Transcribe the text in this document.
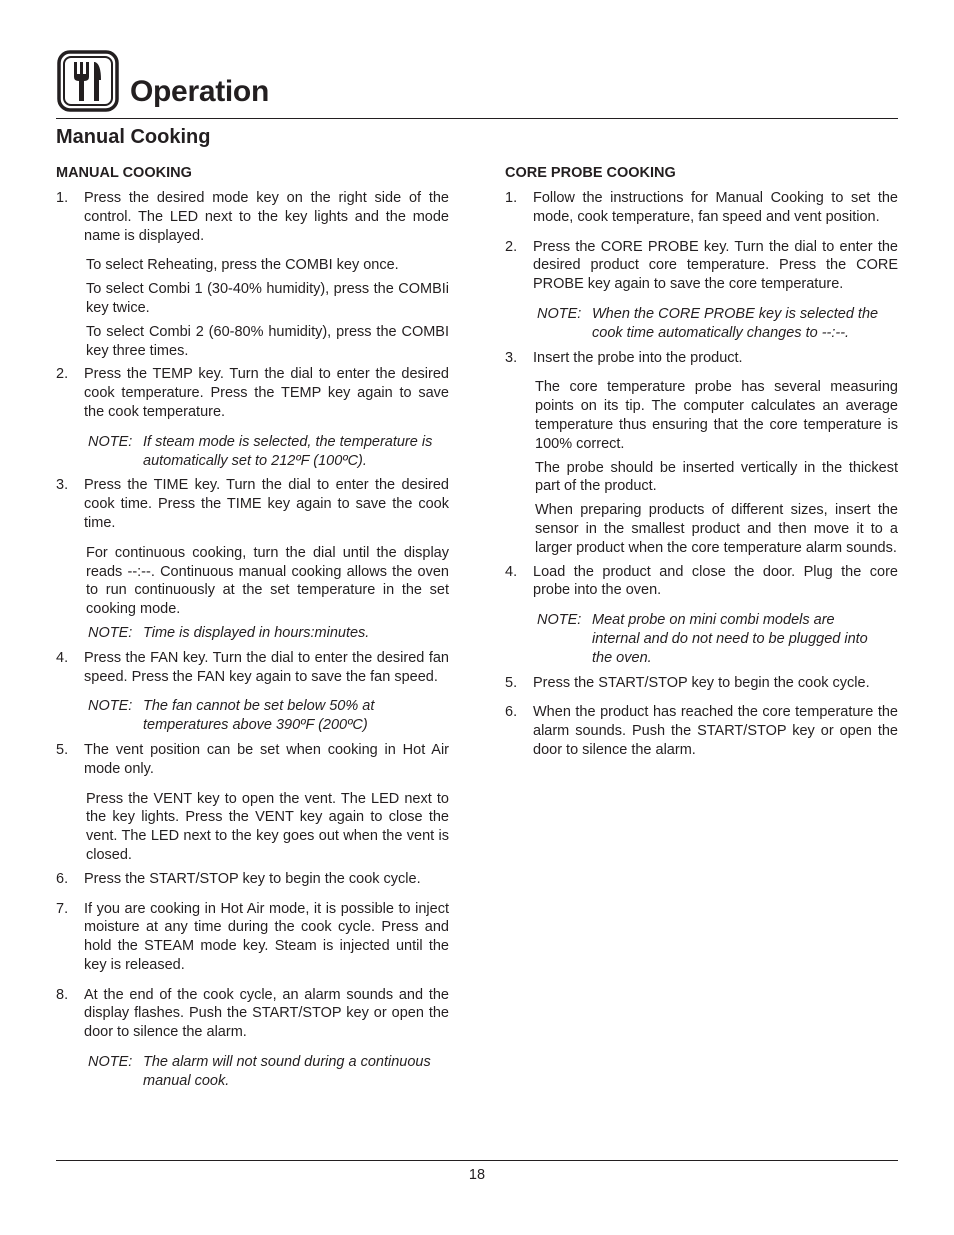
Operation
Manual Cooking
MANUAL COOKING
1. Press the desired mode key on the right side of the control. The LED next to the key lights and the mode name is displayed.
To select Reheating, press the COMBI key once.
To select Combi 1 (30-40% humidity), press the COMBIi key twice.
To select Combi 2 (60-80% humidity), press the COMBI key three times.
2. Press the TEMP key. Turn the dial to enter the desired cook temperature. Press the TEMP key again to save the cook temperature.
NOTE: If steam mode is selected, the temperature is automatically set to 212ºF (100ºC).
3. Press the TIME key. Turn the dial to enter the desired cook time. Press the TIME key again to save the cook time.
For continuous cooking, turn the dial until the display reads --:--. Continuous manual cooking allows the oven to run continuously at the set temperature in the set cooking mode.
NOTE: Time is displayed in hours:minutes.
4. Press the FAN key. Turn the dial to enter the desired fan speed. Press the FAN key again to save the fan speed.
NOTE: The fan cannot be set below 50% at temperatures above 390ºF (200ºC)
5. The vent position can be set when cooking in Hot Air mode only.
Press the VENT key to open the vent. The LED next to the key lights. Press the VENT key again to close the vent. The LED next to the key goes out when the vent is closed.
6. Press the START/STOP key to begin the cook cycle.
7. If you are cooking in Hot Air mode, it is possible to inject moisture at any time during the cook cycle. Press and hold the STEAM mode key. Steam is injected until the key is released.
8. At the end of the cook cycle, an alarm sounds and the display flashes. Push the START/STOP key or open the door to silence the alarm.
NOTE: The alarm will not sound during a continuous manual cook.
CORE PROBE COOKING
1. Follow the instructions for Manual Cooking to set the mode, cook temperature, fan speed and vent position.
2. Press the CORE PROBE key. Turn the dial to enter the desired product core temperature. Press the CORE PROBE key again to save the core temperature.
NOTE: When the CORE PROBE key is selected the cook time automatically changes to --:--.
3. Insert the probe into the product.
The core temperature probe has several measuring points on its tip. The computer calculates an average temperature thus ensuring that the core temperature is 100% correct.
The probe should be inserted vertically in the thickest part of the product.
When preparing products of different sizes, insert the sensor in the smallest product and then move it to a larger product when the core temperature alarm sounds.
4. Load the product and close the door. Plug the core probe into the oven.
NOTE: Meat probe on mini combi models are internal and do not need to be plugged into the oven.
5. Press the START/STOP key to begin the cook cycle.
6. When the product has reached the core temperature the alarm sounds. Push the START/STOP key or open the door to silence the alarm.
18
